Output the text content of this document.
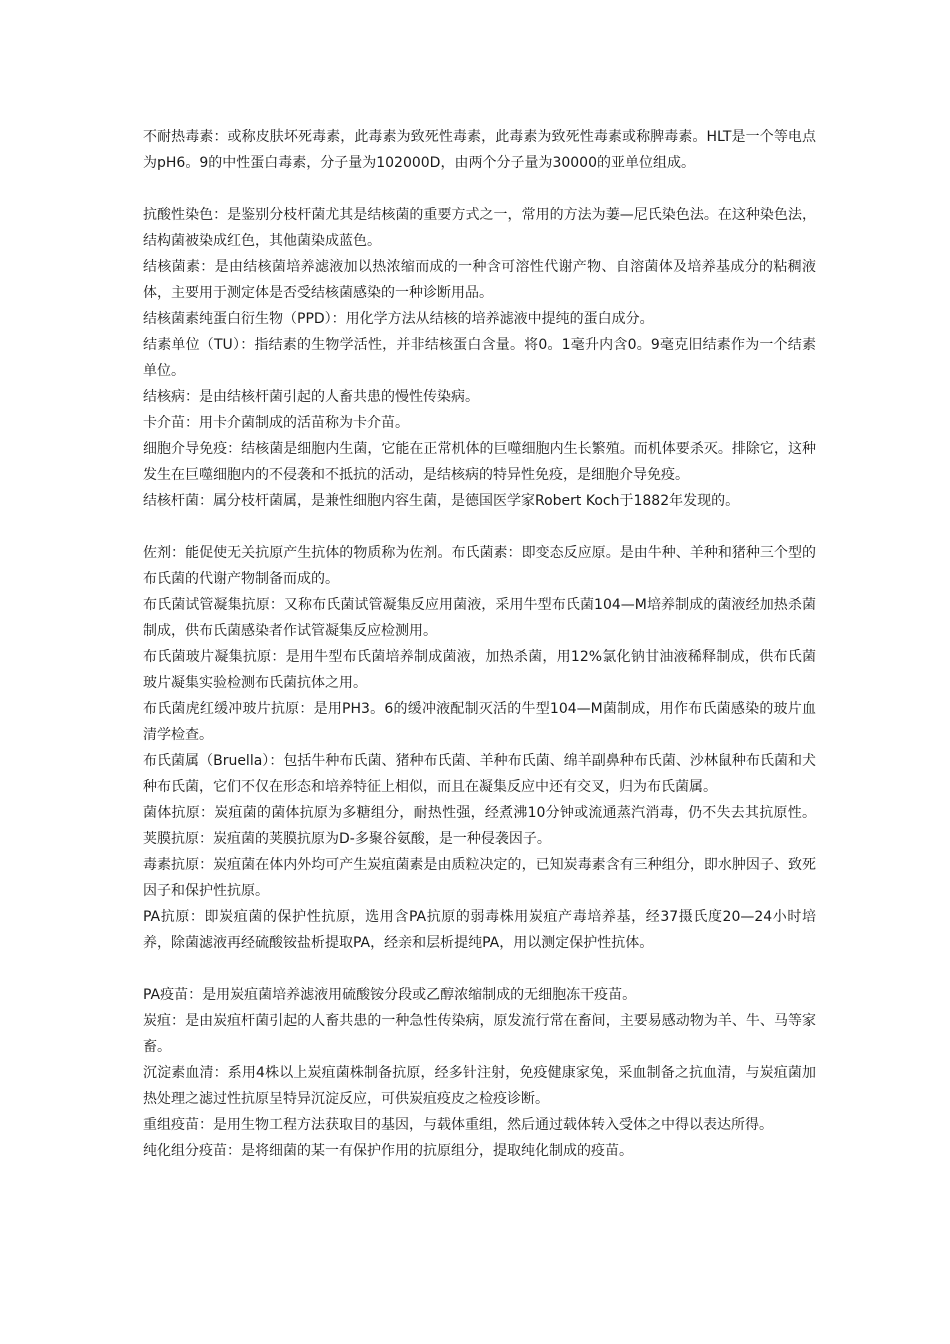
不耐热毒素：或称皮肤坏死毒素，此毒素为致死性毒素，此毒素为致死性毒素或称脾毒素。HLT是一个等电点为pH6。9的中性蛋白毒素，分子量为102000D，由两个分子量为30000的亚单位组成。

抗酸性染色：是鉴别分枝杆菌尤其是结核菌的重要方式之一，常用的方法为萋—尼氏染色法。在这种染色法，结构菌被染成红色，其他菌染成蓝色。

结核菌素：是由结核菌培养滤液加以热浓缩而成的一种含可溶性代谢产物、自溶菌体及培养基成分的粘稠液体，主要用于测定体是否受结核菌感染的一种诊断用品。

结核菌素纯蛋白衍生物（PPD）：用化学方法从结核的培养滤液中提纯的蛋白成分。

结素单位（TU）：指结素的生物学活性，并非结核蛋白含量。将0。1毫升内含0。9毫克旧结素作为一个结素单位。

结核病：是由结核杆菌引起的人畜共患的慢性传染病。

卡介苗：用卡介菌制成的活苗称为卡介苗。

细胞介导免疫：结核菌是细胞内生菌，它能在正常机体的巨噬细胞内生长繁殖。而机体要杀灭。排除它，这种发生在巨噬细胞内的不侵袭和不抵抗的活动，是结核病的特异性免疫，是细胞介导免疫。

结核杆菌：属分枝杆菌属，是兼性细胞内容生菌，是德国医学家Robert Koch于1882年发现的。

佐剂：能促使无关抗原产生抗体的物质称为佐剂。布氏菌素：即变态反应原。是由牛种、羊种和猪种三个型的布氏菌的代谢产物制备而成的。

布氏菌试管凝集抗原：又称布氏菌试管凝集反应用菌液，采用牛型布氏菌104—M培养制成的菌液经加热杀菌制成，供布氏菌感染者作试管凝集反应检测用。

布氏菌玻片凝集抗原：是用牛型布氏菌培养制成菌液，加热杀菌，用12%氯化钠甘油液稀释制成，供布氏菌玻片凝集实验检测布氏菌抗体之用。

布氏菌虎红缓冲玻片抗原：是用PH3。6的缓冲液配制灭活的牛型104—M菌制成，用作布氏菌感染的玻片血清学检查。

布氏菌属（Bruella）：包括牛种布氏菌、猪种布氏菌、羊种布氏菌、绵羊副鼻种布氏菌、沙林鼠种布氏菌和犬种布氏菌，它们不仅在形态和培养特征上相似，而且在凝集反应中还有交叉，归为布氏菌属。

菌体抗原：炭疽菌的菌体抗原为多糖组分，耐热性强，经煮沸10分钟或流通蒸汽消毒，仍不失去其抗原性。荚膜抗原：炭疽菌的荚膜抗原为D-多聚谷氨酸，是一种侵袭因子。

毒素抗原：炭疽菌在体内外均可产生炭疽菌素是由质粒决定的，已知炭毒素含有三种组分，即水肿因子、致死因子和保护性抗原。

PA抗原：即炭疽菌的保护性抗原，选用含PA抗原的弱毒株用炭疽产毒培养基，经37摄氏度20—24小时培养，除菌滤液再经硫酸铵盐析提取PA，经亲和层析提纯PA，用以测定保护性抗体。

PA疫苗：是用炭疽菌培养滤液用硫酸铵分段或乙醇浓缩制成的无细胞冻干疫苗。

炭疽：是由炭疽杆菌引起的人畜共患的一种急性传染病，原发流行常在畜间，主要易感动物为羊、牛、马等家畜。

沉淀素血清：系用4株以上炭疽菌株制备抗原，经多针注射，免疫健康家兔，采血制备之抗血清，与炭疽菌加热处理之滤过性抗原呈特异沉淀反应，可供炭疽疫皮之检疫诊断。

重组疫苗：是用生物工程方法获取目的基因，与载体重组，然后通过载体转入受体之中得以表达所得。

纯化组分疫苗：是将细菌的某一有保护作用的抗原组分，提取纯化制成的疫苗。
